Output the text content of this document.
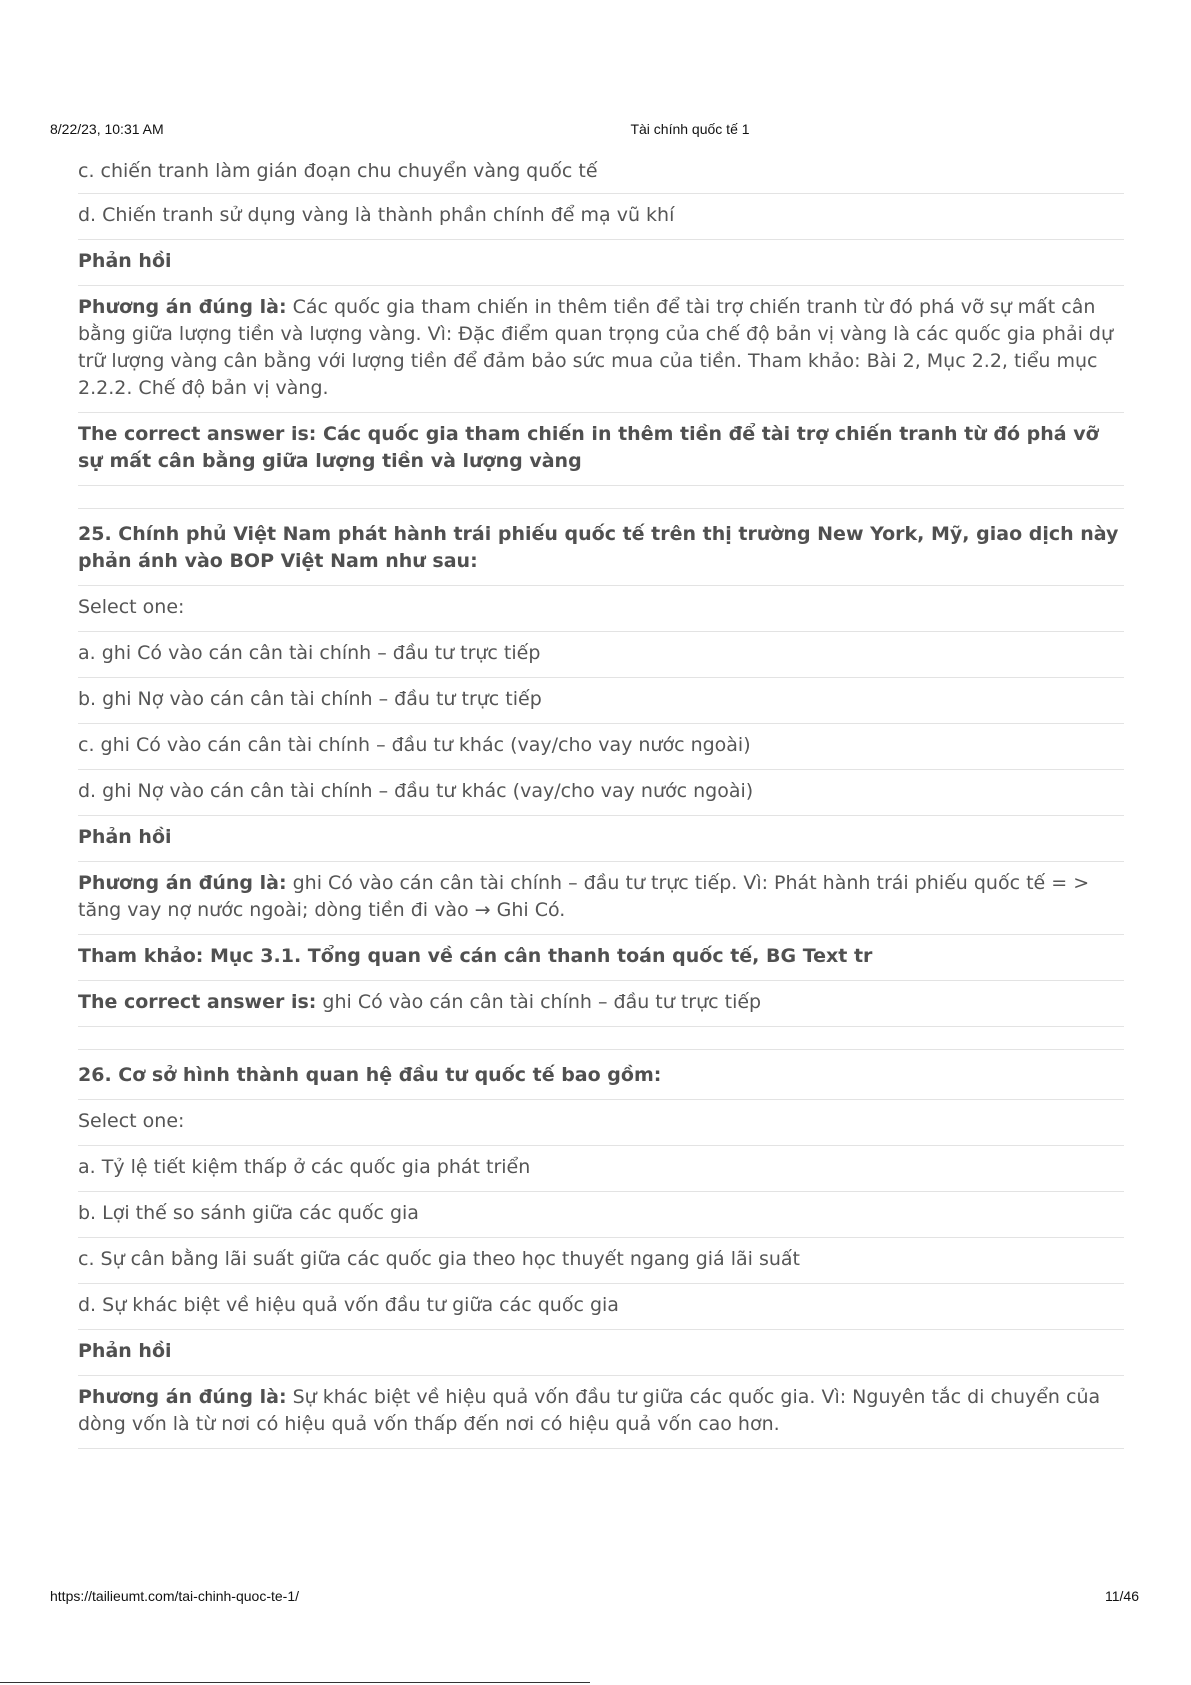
8/22/23, 10:31 AM	Tài chính quốc tế 1
c. chiến tranh làm gián đoạn chu chuyển vàng quốc tế
d. Chiến tranh sử dụng vàng là thành phần chính để mạ vũ khí
Phản hồi
Phương án đúng là: Các quốc gia tham chiến in thêm tiền để tài trợ chiến tranh từ đó phá vỡ sự mất cân bằng giữa lượng tiền và lượng vàng. Vì: Đặc điểm quan trọng của chế độ bản vị vàng là các quốc gia phải dự trữ lượng vàng cân bằng với lượng tiền để đảm bảo sức mua của tiền. Tham khảo: Bài 2, Mục 2.2, tiểu mục 2.2.2. Chế độ bản vị vàng.
The correct answer is: Các quốc gia tham chiến in thêm tiền để tài trợ chiến tranh từ đó phá vỡ sự mất cân bằng giữa lượng tiền và lượng vàng
25. Chính phủ Việt Nam phát hành trái phiếu quốc tế trên thị trường New York, Mỹ, giao dịch này phản ánh vào BOP Việt Nam như sau:
Select one:
a. ghi Có vào cán cân tài chính – đầu tư trực tiếp
b. ghi Nợ vào cán cân tài chính – đầu tư trực tiếp
c. ghi Có vào cán cân tài chính – đầu tư khác (vay/cho vay nước ngoài)
d. ghi Nợ vào cán cân tài chính – đầu tư khác (vay/cho vay nước ngoài)
Phản hồi
Phương án đúng là: ghi Có vào cán cân tài chính – đầu tư trực tiếp. Vì: Phát hành trái phiếu quốc tế = > tăng vay nợ nước ngoài; dòng tiền đi vào → Ghi Có.
Tham khảo: Mục 3.1. Tổng quan về cán cân thanh toán quốc tế, BG Text tr
The correct answer is: ghi Có vào cán cân tài chính – đầu tư trực tiếp
26. Cơ sở hình thành quan hệ đầu tư quốc tế bao gồm:
Select one:
a. Tỷ lệ tiết kiệm thấp ở các quốc gia phát triển
b. Lợi thế so sánh giữa các quốc gia
c. Sự cân bằng lãi suất giữa các quốc gia theo học thuyết ngang giá lãi suất
d. Sự khác biệt về hiệu quả vốn đầu tư giữa các quốc gia
Phản hồi
Phương án đúng là: Sự khác biệt về hiệu quả vốn đầu tư giữa các quốc gia. Vì: Nguyên tắc di chuyển của dòng vốn là từ nơi có hiệu quả vốn thấp đến nơi có hiệu quả vốn cao hơn.
https://tailieumt.com/tai-chinh-quoc-te-1/	11/46
